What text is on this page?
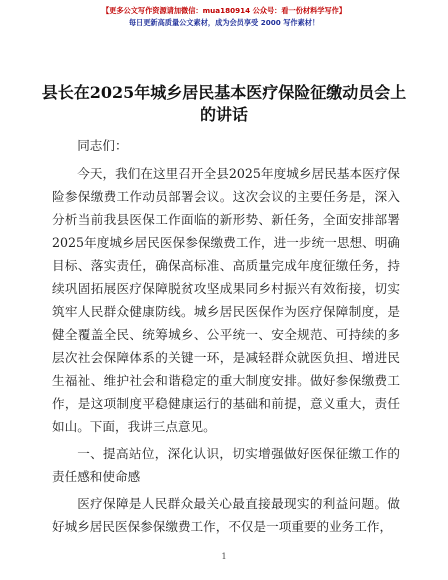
【更多公文写作资源请加微信：mua180914 公众号：看一份材料学写作】
每日更新高质量公文素材，成为会员享受 2000 写作素材！
县长在2025年城乡居民基本医疗保险征缴动员会上的讲话

同志们：

今天，我们在这里召开全县2025年度城乡居民基本医疗保险参保缴费工作动员部署会议。这次会议的主要任务是，深入分析当前我县医保工作面临的新形势、新任务，全面安排部署2025年度城乡居民医保参保缴费工作，进一步统一思想、明确目标、落实责任，确保高标准、高质量完成年度征缴任务，持续巩固拓展医疗保障脱贫攻坚成果同乡村振兴有效衔接，切实筑牢人民群众健康防线。城乡居民医保作为医疗保障制度，是健全覆盖全民、统筹城乡、公平统一、安全规范、可持续的多层次社会保障体系的关键一环，是减轻群众就医负担、增进民生福祉、维护社会和谐稳定的重大制度安排。做好参保缴费工作，是这项制度平稳健康运行的基础和前提，意义重大，责任如山。下面，我讲三点意见。

一、提高站位，深化认识，切实增强做好医保征缴工作的责任感和使命感

医疗保障是人民群众最关心最直接最现实的利益问题。做好城乡居民医保参保缴费工作，不仅是一项重要的业务工作，

1
